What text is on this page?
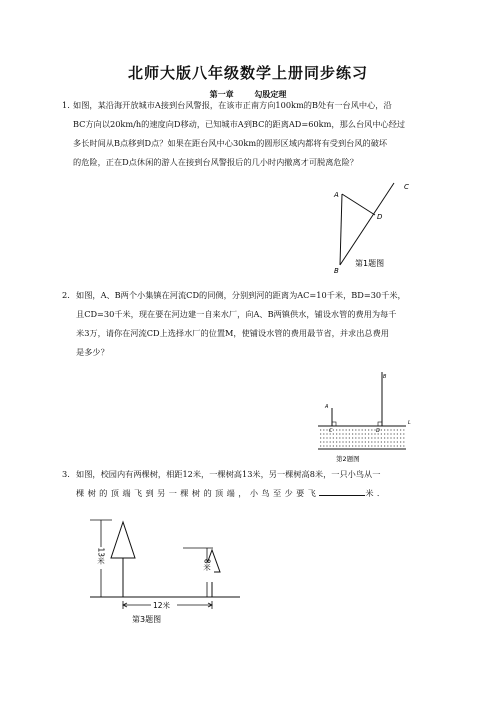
北师大版八年级数学上册同步练习
第一章　 勾股定理
1. 如图，某沿海开放城市A接到台风警报，在该市正南方向100km的B处有一台风中心，沿
BC方向以20km/h的速度向D移动，已知城市A到BC的距离AD=60km，那么台风中心经过
多长时间从B点移到D点？如果在距台风中心30km的圆形区域内都将有受到台风的破坏
的危险，正在D点休闲的游人在接到台风警报后的几小时内撤离才可脱离危险？
A
B
C
D
第1题图
2. 如图，A、B两个小集镇在河流CD的同侧，分别到河的距离为AC=10千米，BD=30千米，
且CD=30千米，现在要在河边建一自来水厂，向A、B两镇供水，铺设水管的费用为每千
米3万，请你在河流CD上选择水厂的位置M，使铺设水管的费用最节省，并求出总费用
是多少？
A
B
C	D
L
第2题图
3. 如图，校园内有两棵树，相距12米，一棵树高13米，另一棵树高8米，一只小鸟从一
棵树的顶端飞到另一棵树的顶端，小鸟至少要飞	米．
12米
13米
8米
第3题图
